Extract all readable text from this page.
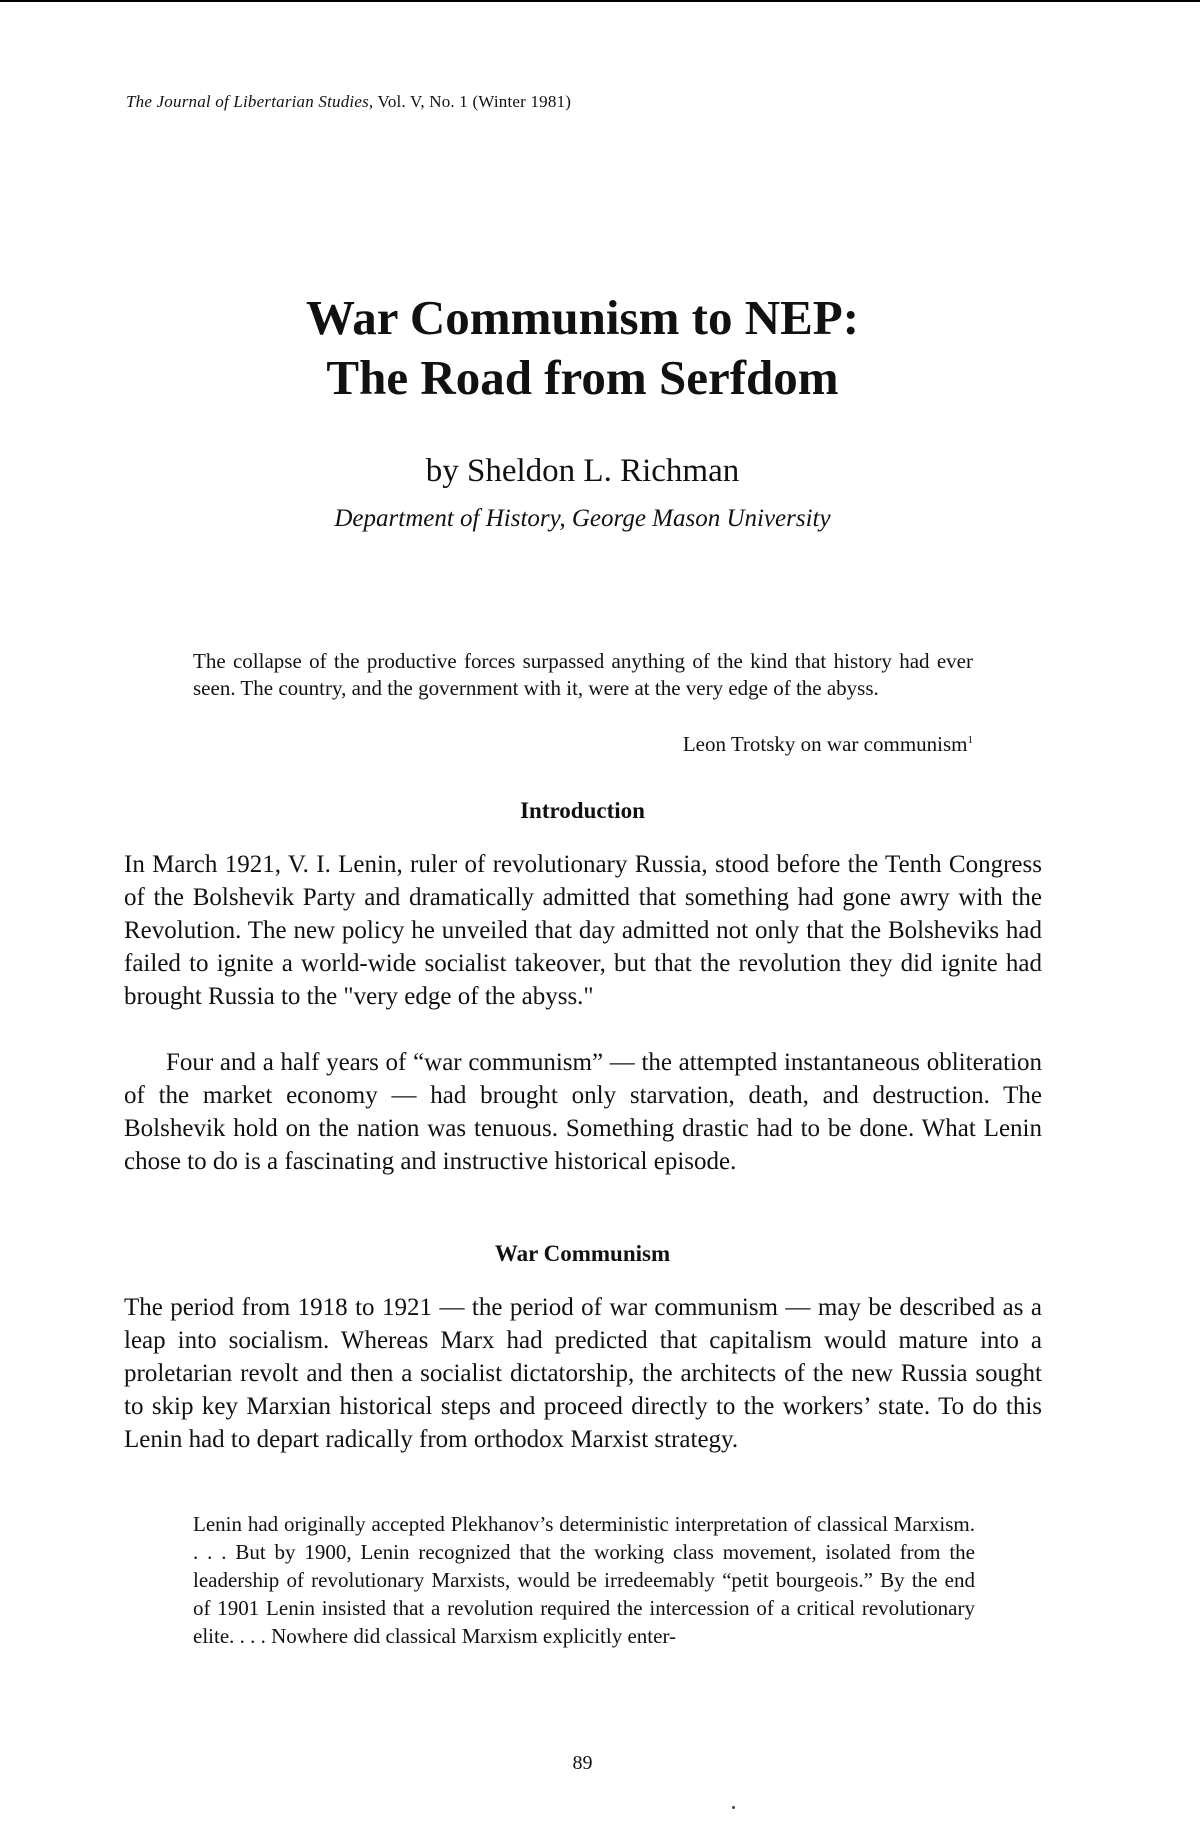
The Journal of Libertarian Studies, Vol. V, No. 1 (Winter 1981)
War Communism to NEP:
The Road from Serfdom
by Sheldon L. Richman
Department of History, George Mason University
The collapse of the productive forces surpassed anything of the kind that history had ever seen. The country, and the government with it, were at the very edge of the abyss.
Leon Trotsky on war communism$^1$
Introduction
In March 1921, V. I. Lenin, ruler of revolutionary Russia, stood before the Tenth Congress of the Bolshevik Party and dramatically admitted that something had gone awry with the Revolution. The new policy he unveiled that day admitted not only that the Bolsheviks had failed to ignite a world-wide socialist takeover, but that the revolution they did ignite had brought Russia to the "very edge of the abyss."
Four and a half years of “war communism” — the attempted instantaneous obliteration of the market economy — had brought only starvation, death, and destruction. The Bolshevik hold on the nation was tenuous. Something drastic had to be done. What Lenin chose to do is a fascinating and instructive historical episode.
War Communism
The period from 1918 to 1921 — the period of war communism — may be described as a leap into socialism. Whereas Marx had predicted that capitalism would mature into a proletarian revolt and then a socialist dictatorship, the architects of the new Russia sought to skip key Marxian historical steps and proceed directly to the workers’ state. To do this Lenin had to depart radically from orthodox Marxist strategy.
Lenin had originally accepted Plekhanov’s deterministic interpretation of classical Marxism. . . . But by 1900, Lenin recognized that the working class movement, isolated from the leadership of revolutionary Marxists, would be irredeemably “petit bourgeois.” By the end of 1901 Lenin insisted that a revolution required the intercession of a critical revolutionary elite. . . . Nowhere did classical Marxism explicitly enter-
89
